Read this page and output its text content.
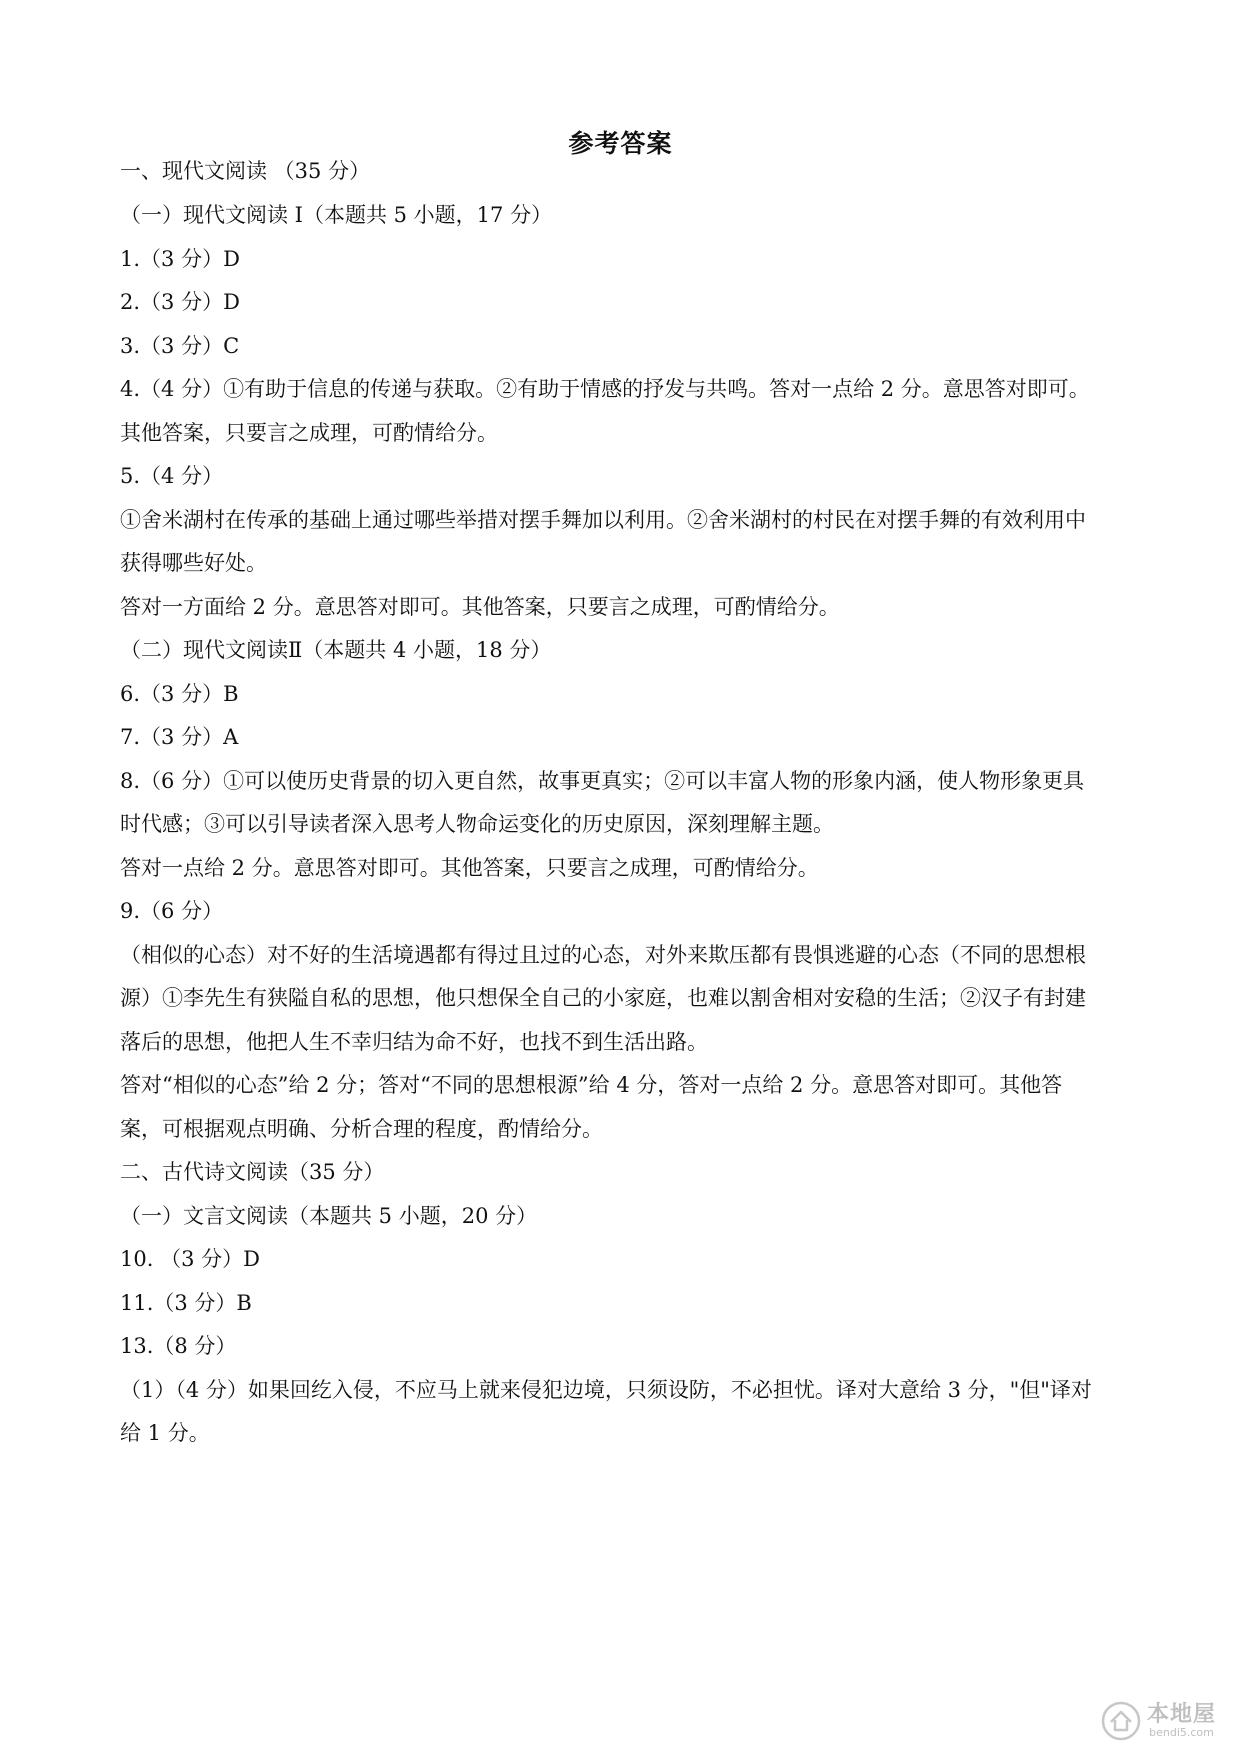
参考答案
一、现代文阅读 （35 分）
（一）现代文阅读 I（本题共 5 小题，17 分）
1.（3 分）D
2.（3 分）D
3.（3 分）C
4.（4 分）①有助于信息的传递与获取。②有助于情感的抒发与共鸣。答对一点给 2 分。意思答对即可。
其他答案，只要言之成理，可酌情给分。
5.（4 分）
①舍米湖村在传承的基础上通过哪些举措对摆手舞加以利用。②舍米湖村的村民在对摆手舞的有效利用中
获得哪些好处。
答对一方面给 2 分。意思答对即可。其他答案，只要言之成理，可酌情给分。
（二）现代文阅读Ⅱ（本题共 4 小题，18 分）
6.（3 分）B
7.（3 分）A
8.（6 分）①可以使历史背景的切入更自然，故事更真实；②可以丰富人物的形象内涵，使人物形象更具
时代感；③可以引导读者深入思考人物命运变化的历史原因，深刻理解主题。
答对一点给 2 分。意思答对即可。其他答案，只要言之成理，可酌情给分。
9.（6 分）
（相似的心态）对不好的生活境遇都有得过且过的心态，对外来欺压都有畏惧逃避的心态（不同的思想根
源）①李先生有狭隘自私的思想，他只想保全自己的小家庭，也难以割舍相对安稳的生活；②汉子有封建
落后的思想，他把人生不幸归结为命不好，也找不到生活出路。
答对“相似的心态”给 2 分；答对“不同的思想根源”给 4 分，答对一点给 2 分。意思答对即可。其他答
案，可根据观点明确、分析合理的程度，酌情给分。
二、古代诗文阅读（35 分）
（一）文言文阅读（本题共 5 小题，20 分）
10. （3 分）D
11.（3 分）B
13.（8 分）
（1）（4 分）如果回纥入侵，不应马上就来侵犯边境，只须设防，不必担忧。译对大意给 3 分，"但"译对
给 1 分。
本地屋
bendi5.com
